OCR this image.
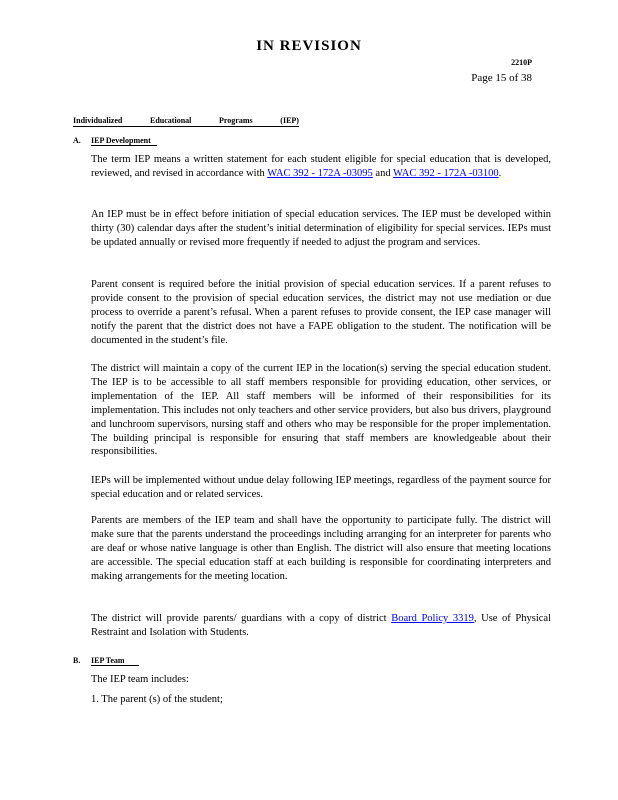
IN REVISION
2210P
Page 15 of 38
Individualized	Educational	Programs	(IEP)
A.	IEP Development

The term IEP means a written statement for each student eligible for special education that is developed, reviewed, and revised in accordance with WAC 392 - 172A -03095 and WAC 392 - 172A -03100.

An IEP must be in effect before initiation of special education services. The IEP must be developed within thirty (30) calendar days after the student’s initial determination of eligibility for special services. IEPs must be updated annually or revised more frequently if needed to adjust the program and services.

Parent consent is required before the initial provision of special education services. If a parent refuses to provide consent to the provision of special education services, the district may not use mediation or due process to override a parent’s refusal. When a parent refuses to provide consent, the IEP case manager will notify the parent that the district does not have a FAPE obligation to the student. The notification will be documented in the student’s file.

The district will maintain a copy of the current IEP in the location(s) serving the special education student. The IEP is to be accessible to all staff members responsible for providing education, other services, or implementation of the IEP. All staff members will be informed of their responsibilities for its implementation. This includes not only teachers and other service providers, but also bus drivers, playground and lunchroom supervisors, nursing staff and others who may be responsible for the proper implementation. The building principal is responsible for ensuring that staff members are knowledgeable about their responsibilities.

IEPs will be implemented without undue delay following IEP meetings, regardless of the payment source for special education and or related services.

Parents are members of the IEP team and shall have the opportunity to participate fully. The district will make sure that the parents understand the proceedings including arranging for an interpreter for parents who are deaf or whose native language is other than English. The district will also ensure that meeting locations are accessible. The special education staff at each building is responsible for coordinating interpreters and making arrangements for the meeting location.

The district will provide parents/ guardians with a copy of district Board Policy 3319, Use of Physical Restraint and Isolation with Students.

B.	IEP Team
The IEP team includes:
1. The parent (s) of the student;
